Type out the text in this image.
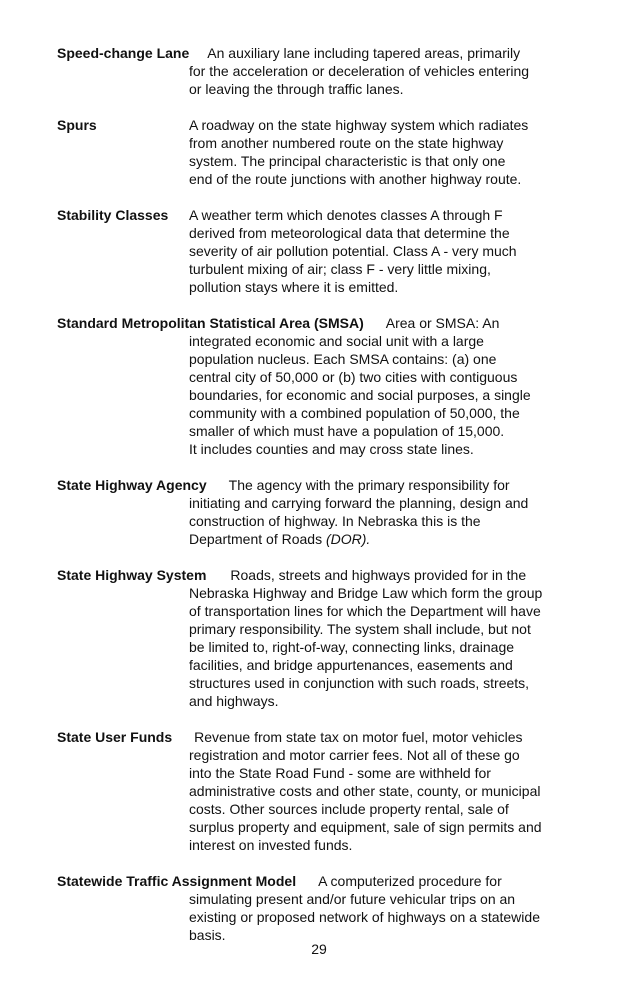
Speed-change Lane An auxiliary lane including tapered areas, primarily
for the acceleration or deceleration of vehicles entering
or leaving the through traffic lanes.
Spurs	A roadway on the state highway system which radiates
from another numbered route on the state highway
system. The principal characteristic is that only one
end of the route junctions with another highway route.
Stability Classes A weather term which denotes classes A through F
derived from meteorological data that determine the
severity of air pollution potential. Class A - very much
turbulent mixing of air; class F - very little mixing,
pollution stays where it is emitted.
Standard Metropolitan Statistical Area (SMSA) Area or SMSA: An
integrated economic and social unit with a large
population nucleus. Each SMSA contains: (a) one
central city of 50,000 or (b) two cities with contiguous
boundaries, for economic and social purposes, a single
community with a combined population of 50,000, the
smaller of which must have a population of 15,000.
It includes counties and may cross state lines.
State Highway Agency The agency with the primary responsibility for
initiating and carrying forward the planning, design and
construction of highway. In Nebraska this is the
Department of Roads (DOR).
State Highway System Roads, streets and highways provided for in the
Nebraska Highway and Bridge Law which form the group
of transportation lines for which the Department will have
primary responsibility. The system shall include, but not
be limited to, right-of-way, connecting links, drainage
facilities, and bridge appurtenances, easements and
structures used in conjunction with such roads, streets,
and highways.
State User Funds Revenue from state tax on motor fuel, motor vehicles
registration and motor carrier fees. Not all of these go
into the State Road Fund - some are withheld for
administrative costs and other state, county, or municipal
costs. Other sources include property rental, sale of
surplus property and equipment, sale of sign permits and
interest on invested funds.
Statewide Traffic Assignment Model A computerized procedure for
simulating present and/or future vehicular trips on an
existing or proposed network of highways on a statewide
basis.
29
